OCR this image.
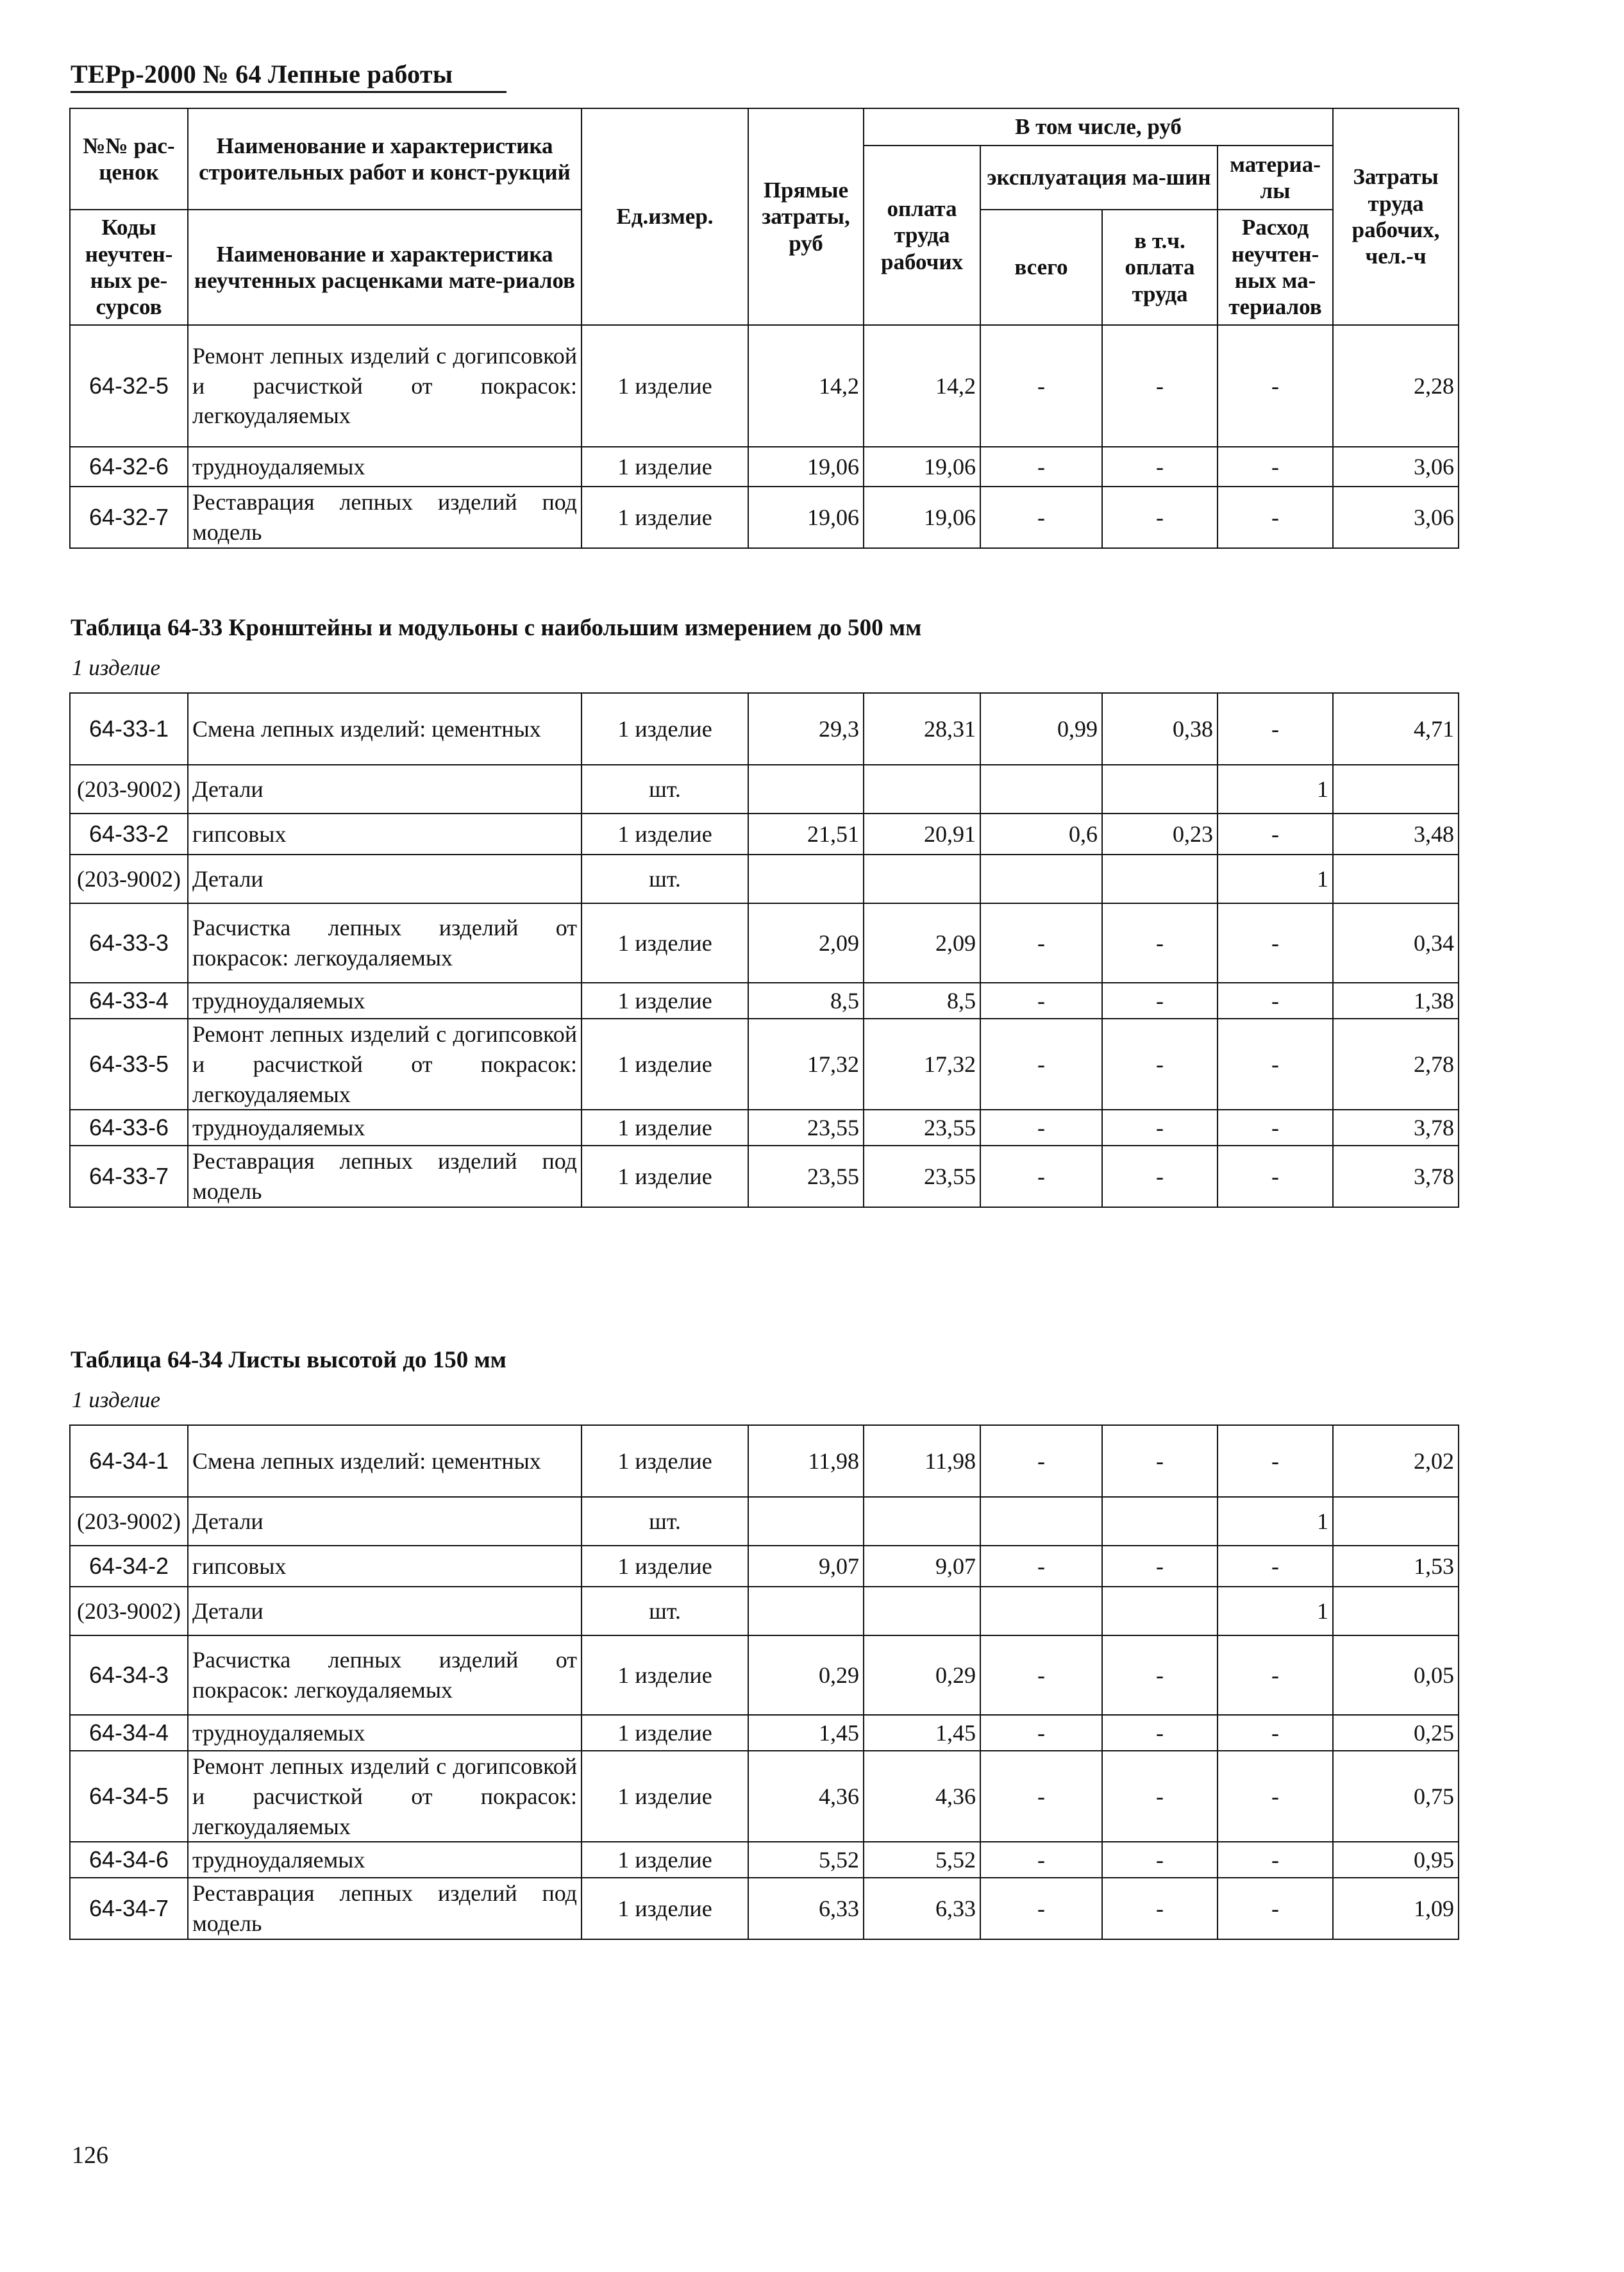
ТЕРр-2000 № 64 Лепные работы
№№ рас-ценок	Наименование и характеристика строительных работ и конст-рукций	Ед.измер.	Прямые затраты, руб	В том числе, руб				Затраты труда рабочих, чел.-ч
				оплата труда рабочих	эксплуатация ма-шин		материа-лы	
Коды неучтен-ных ре-сурсов	Наименование и характеристика неучтенных расценками мате-риалов				всего	в т.ч. оплата труда	Расход неучтен-ных ма-териалов	

64-32-5	Ремонт лепных изделий с догипсовкой и расчисткой от покрасок: легкоудаляемых	1 изделие	14,2	14,2	-	-	-	2,28
64-32-6	трудноудаляемых	1 изделие	19,06	19,06	-	-	-	3,06
64-32-7	Реставрация лепных изделий под модель	1 изделие	19,06	19,06	-	-	-	3,06
Таблица 64-33 Кронштейны и модульоны с наибольшим измерением до 500 мм
1 изделие
64-33-1	Смена лепных изделий: цементных	1 изделие	29,3	28,31	0,99	0,38	-	4,71
(203-9002)	Детали	шт.					1	
64-33-2	гипсовых	1 изделие	21,51	20,91	0,6	0,23	-	3,48
(203-9002)	Детали	шт.					1	
64-33-3	Расчистка лепных изделий от покрасок: легкоудаляемых	1 изделие	2,09	2,09	-	-	-	0,34
64-33-4	трудноудаляемых	1 изделие	8,5	8,5	-	-	-	1,38
64-33-5	Ремонт лепных изделий с догипсовкой и расчисткой от покрасок: легкоудаляемых	1 изделие	17,32	17,32	-	-	-	2,78
64-33-6	трудноудаляемых	1 изделие	23,55	23,55	-	-	-	3,78
64-33-7	Реставрация лепных изделий под модель	1 изделие	23,55	23,55	-	-	-	3,78
Таблица 64-34 Листы высотой до 150 мм
1 изделие
64-34-1	Смена лепных изделий: цементных	1 изделие	11,98	11,98	-	-	-	2,02
(203-9002)	Детали	шт.					1	
64-34-2	гипсовых	1 изделие	9,07	9,07	-	-	-	1,53
(203-9002)	Детали	шт.					1	
64-34-3	Расчистка лепных изделий от покрасок: легкоудаляемых	1 изделие	0,29	0,29	-	-	-	0,05
64-34-4	трудноудаляемых	1 изделие	1,45	1,45	-	-	-	0,25
64-34-5	Ремонт лепных изделий с догипсовкой и расчисткой от покрасок: легкоудаляемых	1 изделие	4,36	4,36	-	-	-	0,75
64-34-6	трудноудаляемых	1 изделие	5,52	5,52	-	-	-	0,95
64-34-7	Реставрация лепных изделий под модель	1 изделие	6,33	6,33	-	-	-	1,09
126
